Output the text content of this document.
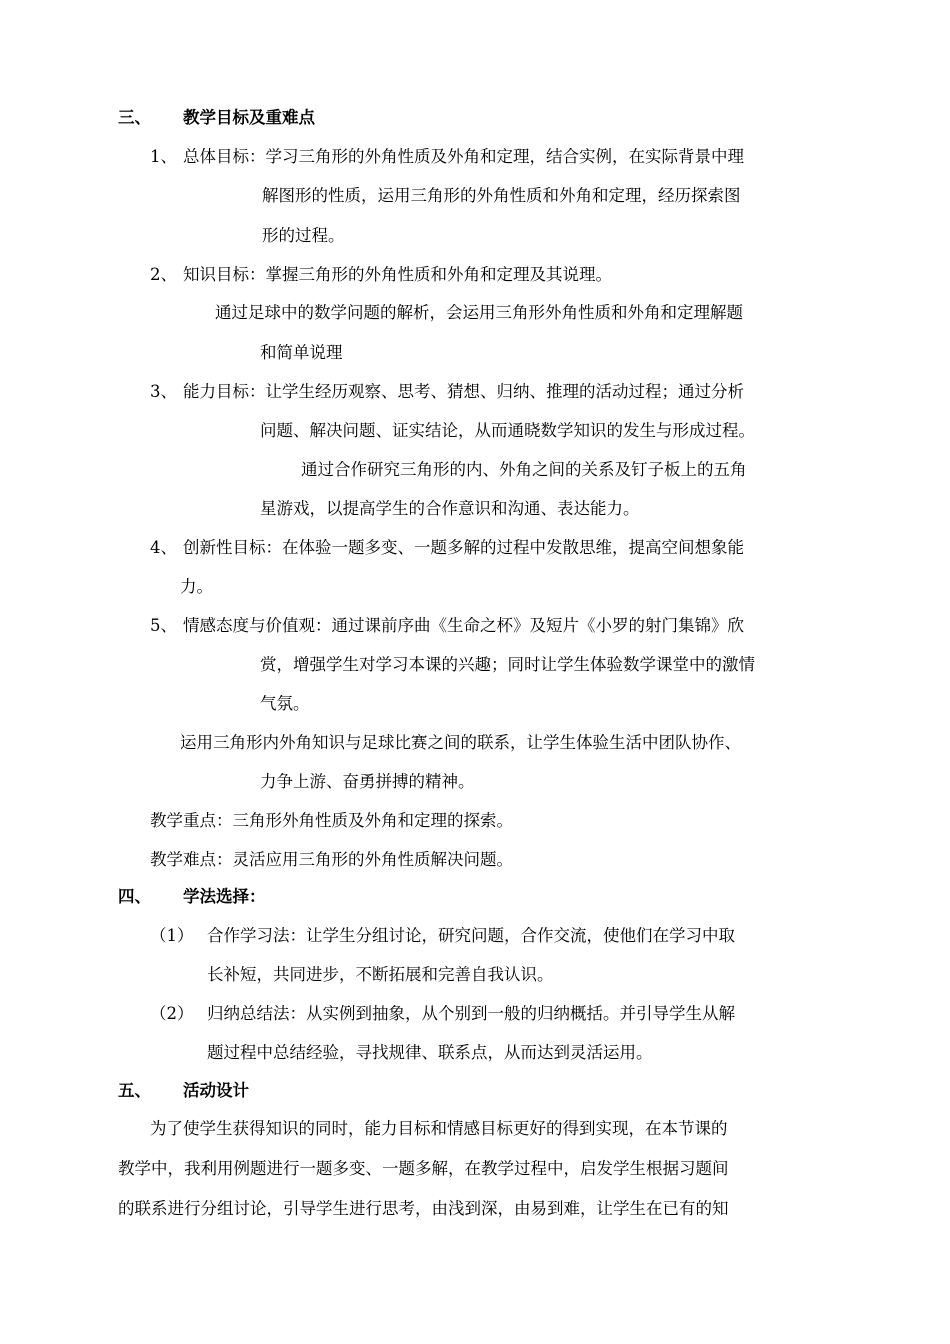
三、 教学目标及重难点
1、 总体目标：学习三角形的外角性质及外角和定理，结合实例，在实际背景中理
解图形的性质，运用三角形的外角性质和外角和定理，经历探索图
形的过程。
2、 知识目标：掌握三角形的外角性质和外角和定理及其说理。
通过足球中的数学问题的解析，会运用三角形外角性质和外角和定理解题
和简单说理
3、 能力目标：让学生经历观察、思考、猜想、归纳、推理的活动过程；通过分析
问题、解决问题、证实结论，从而通晓数学知识的发生与形成过程。
通过合作研究三角形的内、外角之间的关系及钉子板上的五角
星游戏，以提高学生的合作意识和沟通、表达能力。
4、 创新性目标：在体验一题多变、一题多解的过程中发散思维，提高空间想象能
力。
5、 情感态度与价值观：通过课前序曲《生命之杯》及短片《小罗的射门集锦》欣
赏，增强学生对学习本课的兴趣；同时让学生体验数学课堂中的激情
气氛。
运用三角形内外角知识与足球比赛之间的联系，让学生体验生活中团队协作、
力争上游、奋勇拼搏的精神。
教学重点：三角形外角性质及外角和定理的探索。
教学难点：灵活应用三角形的外角性质解决问题。
四、 学法选择：
（1） 合作学习法：让学生分组讨论，研究问题，合作交流，使他们在学习中取
长补短，共同进步，不断拓展和完善自我认识。
（2） 归纳总结法：从实例到抽象，从个别到一般的归纳概括。并引导学生从解
题过程中总结经验，寻找规律、联系点，从而达到灵活运用。
五、 活动设计
为了使学生获得知识的同时，能力目标和情感目标更好的得到实现，在本节课的
教学中，我利用例题进行一题多变、一题多解，在教学过程中，启发学生根据习题间
的联系进行分组讨论，引导学生进行思考，由浅到深，由易到难，让学生在已有的知
